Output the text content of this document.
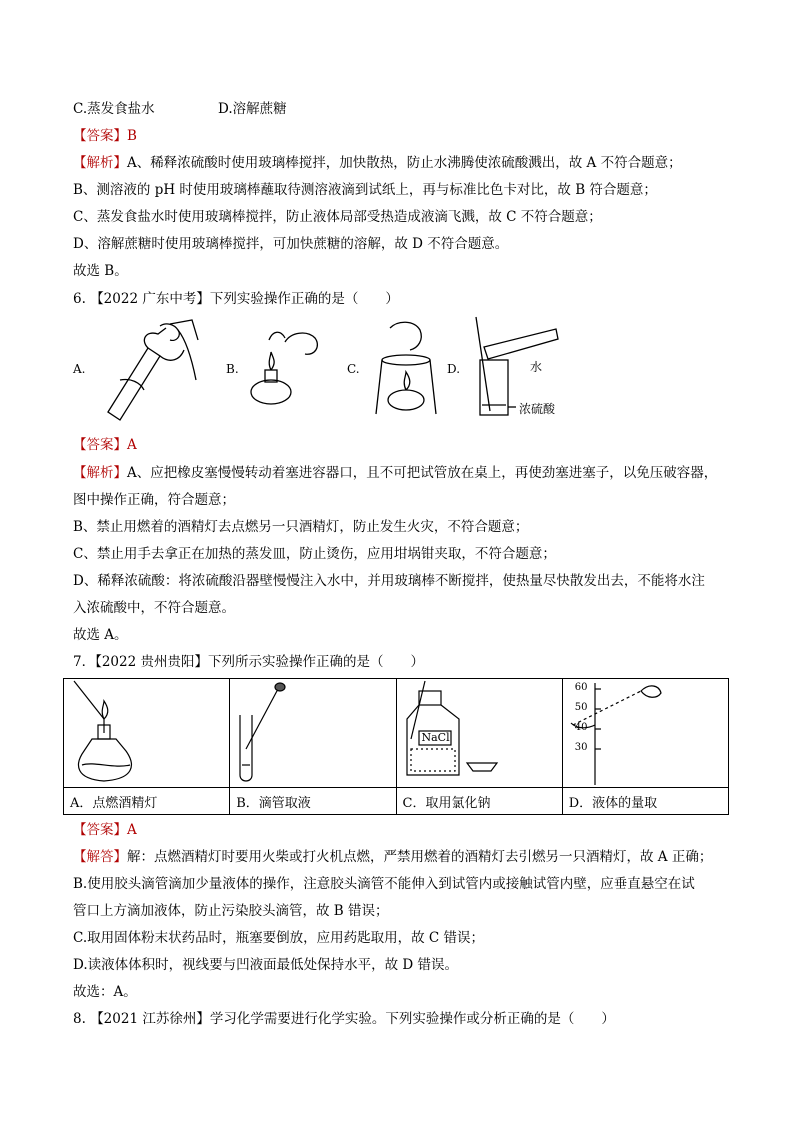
C.蒸发食盐水	D.溶解蔗糖
【答案】B
【解析】A、稀释浓硫酸时使用玻璃棒搅拌，加快散热，防止水沸腾使浓硫酸溅出，故 A 不符合题意；
B、测溶液的 pH 时使用玻璃棒蘸取待测溶液滴到试纸上，再与标准比色卡对比，故 B 符合题意；
C、蒸发食盐水时使用玻璃棒搅拌，防止液体局部受热造成液滴飞溅，故 C 不符合题意；
D、溶解蔗糖时使用玻璃棒搅拌，可加快蔗糖的溶解，故 D 不符合题意。
故选 B。
6. 【2022 广东中考】下列实验操作正确的是（　　）
A.	B.	C.	D.	水
浓硫酸
【答案】A
【解析】A、应把橡皮塞慢慢转动着塞进容器口，且不可把试管放在桌上，再使劲塞进塞子，以免压破容器，
图中操作正确，符合题意；
B、禁止用燃着的酒精灯去点燃另一只酒精灯，防止发生火灾，不符合题意；
C、禁止用手去拿正在加热的蒸发皿，防止烫伤，应用坩埚钳夹取，不符合题意；
D、稀释浓硫酸：将浓硫酸沿器壁慢慢注入水中，并用玻璃棒不断搅拌，使热量尽快散发出去，不能将水注
入浓硫酸中，不符合题意。
故选 A。
7．【2022 贵州贵阳】下列所示实验操作正确的是（　　）

NaCl	60
50
40
30

A．点燃酒精灯	B．滴管取液	C．取用氯化钠	D．液体的量取
【答案】A
【解答】解：点燃酒精灯时要用火柴或打火机点燃，严禁用燃着的酒精灯去引燃另一只酒精灯，故 A 正确；
B.使用胶头滴管滴加少量液体的操作，注意胶头滴管不能伸入到试管内或接触试管内壁，应垂直悬空在试
管口上方滴加液体，防止污染胶头滴管，故 B 错误；
C.取用固体粉末状药品时，瓶塞要倒放，应用药匙取用，故 C 错误；
D.读液体体积时，视线要与凹液面最低处保持水平，故 D 错误。
故选：A。
8. 【2021 江苏徐州】学习化学需要进行化学实验。下列实验操作或分析正确的是（　　）
